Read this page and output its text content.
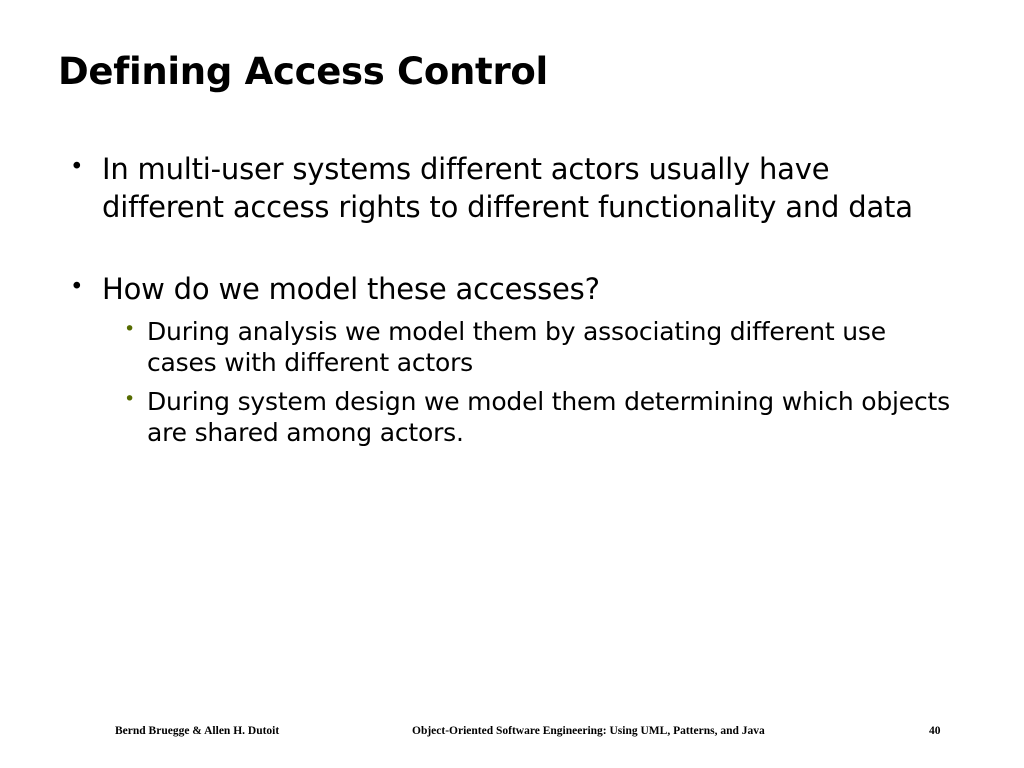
Defining Access Control
• In multi-user systems different actors usually have different access rights to different functionality and data
• How do we model these accesses?
• During analysis we model them by associating different use cases with different actors
• During system design we model them determining which objects are shared among actors.
Bernd Bruegge & Allen H. Dutoit	Object-Oriented Software Engineering: Using UML, Patterns, and Java	40
